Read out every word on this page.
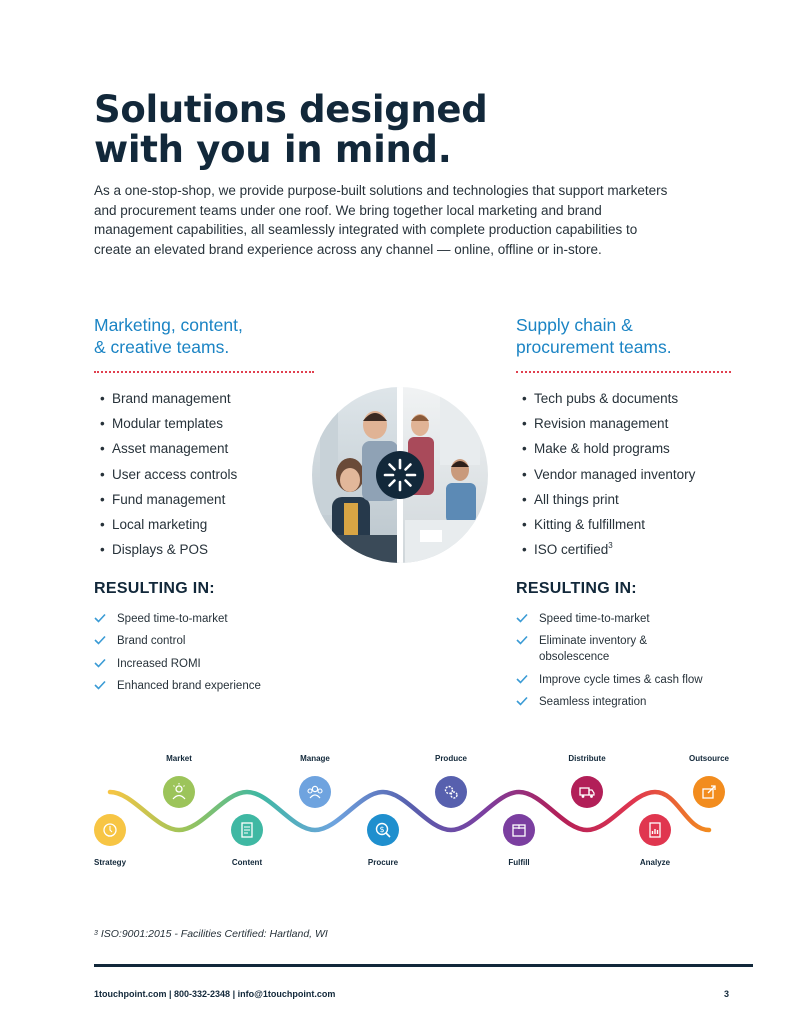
Solutions designed
with you in mind.

As a one-stop-shop, we provide purpose-built solutions and technologies that support marketers and procurement teams under one roof. We bring together local marketing and brand management capabilities, all seamlessly integrated with complete production capabilities to create an elevated brand experience across any channel — online, offline or in-store.

Marketing, content,
& creative teams.
• Brand management
• Modular templates
• Asset management
• User access controls
• Fund management
• Local marketing
• Displays & POS
RESULTING IN:
Speed time-to-market
Brand control
Increased ROMI
Enhanced brand experience
Supply chain &
procurement teams.
• Tech pubs & documents
• Revision management
• Make & hold programs
• Vendor managed inventory
• All things print
• Kitting & fulfillment
• ISO certified$^3$
RESULTING IN:
Speed time-to-market
Eliminate inventory & obsolescence
Improve cycle times & cash flow
Seamless integration
Strategy
Market
Content
Manage
$
Procure
Produce
Fulfill
Distribute
Analyze
Outsource
$^3$ ISO:9001:2015 - Facilities Certified: Hartland, WI
1touchpoint.com | 800-332-2348 | info@1touchpoint.com	3
